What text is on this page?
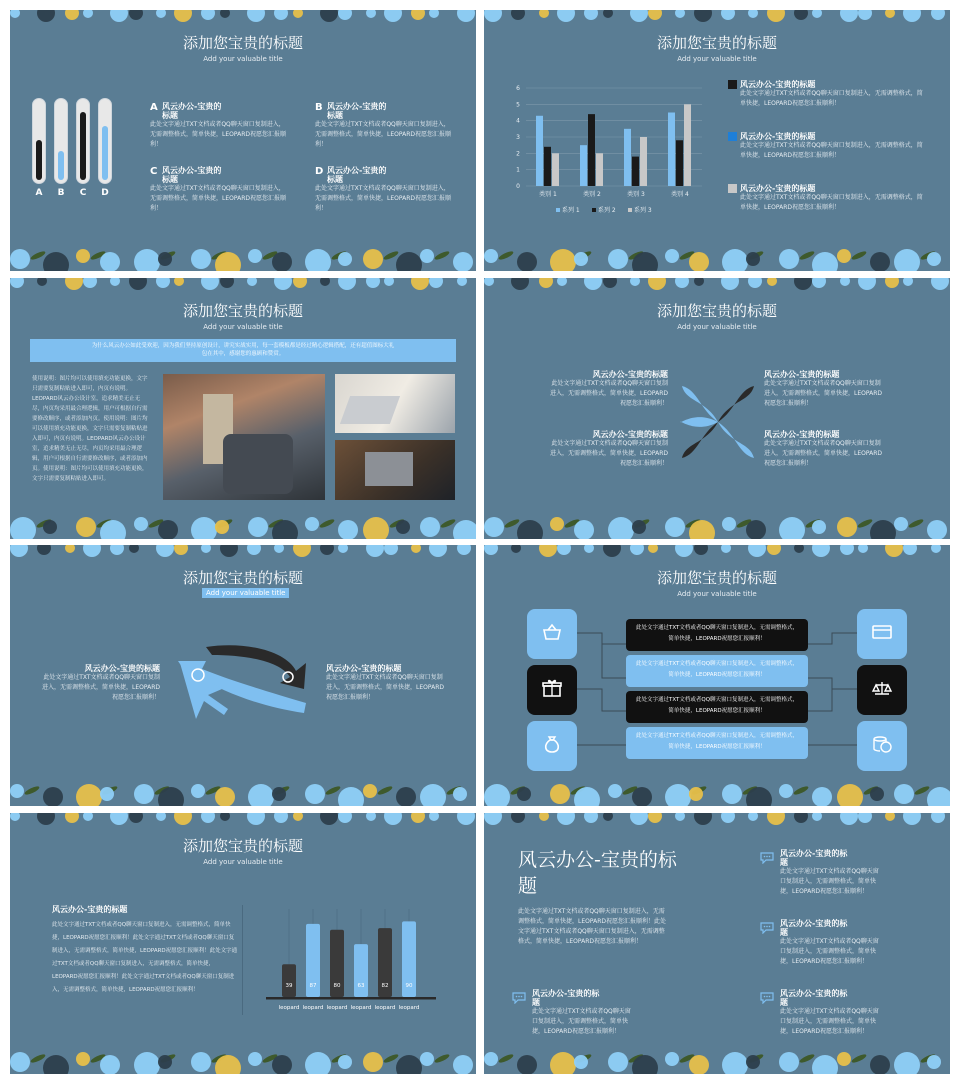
添加您宝贵的标题
Add your valuable title
A	B	C	D
A 风云办公-宝贵的标题
此处文字通过TXT文档或者QQ聊天窗口复制进入，无需调整格式，简单快捷，LEOPARD祝愿您汇报顺利！
B 风云办公-宝贵的标题
此处文字通过TXT文档或者QQ聊天窗口复制进入，无需调整格式，简单快捷，LEOPARD祝愿您汇报顺利！
C 风云办公-宝贵的标题
此处文字通过TXT文档或者QQ聊天窗口复制进入，无需调整格式，简单快捷，LEOPARD祝愿您汇报顺利！
D 风云办公-宝贵的标题
此处文字通过TXT文档或者QQ聊天窗口复制进入，无需调整格式，简单快捷，LEOPARD祝愿您汇报顺利！
添加您宝贵的标题
Add your valuable title
0
1
2
3
4
5
6
类别 1	类别 2	类别 3	类别 4
系列 1	系列 2	系列 3
风云办公-宝贵的标题
此处文字通过TXT文档或者QQ聊天窗口复制进入，无需调整格式，简单快捷，LEOPARD祝愿您汇报顺利！
风云办公-宝贵的标题
此处文字通过TXT文档或者QQ聊天窗口复制进入，无需调整格式，简单快捷，LEOPARD祝愿您汇报顺利！
风云办公-宝贵的标题
此处文字通过TXT文档或者QQ聊天窗口复制进入，无需调整格式，简单快捷，LEOPARD祝愿您汇报顺利！
添加您宝贵的标题
Add your valuable title
为什么风云办公如此受欢迎，因为我们坚持原创设计，讲究实战实用，每一套模板都是经过精心逻辑搭配，还有超值图标大礼包在其中，感谢您的惠顾和赞赏。
使用说明：图片均可以使用填充功能更换，文字只需要复制粘贴进入即可，内页有说明。LEOPARD风云办公设计室，追求精美无止无尽，内页均采用最合理逻辑，用户可根据自行需要修改顺序，或者添加内页。使用说明：图片均可以使用填充功能更换，文字只需要复制粘贴进入即可，内页有说明。LEOPARD风云办公设计室，追求精美无止无尽，内页均采用最合理逻辑，用户可根据自行需要修改顺序，或者添加内页。使用说明：图片均可以使用填充功能更换，文字只需要复制粘贴进入即可。
添加您宝贵的标题
Add your valuable title
风云办公-宝贵的标题
此处文字通过TXT文档或者QQ聊天窗口复制进入，无需调整格式，简单快捷，LEOPARD祝愿您汇报顺利！
风云办公-宝贵的标题
此处文字通过TXT文档或者QQ聊天窗口复制进入，无需调整格式，简单快捷，LEOPARD祝愿您汇报顺利！
风云办公-宝贵的标题
此处文字通过TXT文档或者QQ聊天窗口复制进入，无需调整格式，简单快捷，LEOPARD祝愿您汇报顺利！
风云办公-宝贵的标题
此处文字通过TXT文档或者QQ聊天窗口复制进入，无需调整格式，简单快捷，LEOPARD祝愿您汇报顺利！
添加您宝贵的标题
Add your valuable title
风云办公-宝贵的标题
此处文字通过TXT文档或者QQ聊天窗口复制进入，无需调整格式，简单快捷，LEOPARD祝愿您汇报顺利！
风云办公-宝贵的标题
此处文字通过TXT文档或者QQ聊天窗口复制进入，无需调整格式，简单快捷，LEOPARD祝愿您汇报顺利！
添加您宝贵的标题
Add your valuable title
此处文字通过TXT文档或者QQ聊天窗口复制进入，无需调整格式，简单快捷，LEOPARD祝愿您汇报顺利！
此处文字通过TXT文档或者QQ聊天窗口复制进入，无需调整格式，简单快捷，LEOPARD祝愿您汇报顺利！
此处文字通过TXT文档或者QQ聊天窗口复制进入，无需调整格式，简单快捷，LEOPARD祝愿您汇报顺利！
此处文字通过TXT文档或者QQ聊天窗口复制进入，无需调整格式，简单快捷，LEOPARD祝愿您汇报顺利！
添加您宝贵的标题
Add your valuable title
风云办公-宝贵的标题
此处文字通过TXT文档或者QQ聊天窗口复制进入，无需调整格式，简单快捷，LEOPARD祝愿您汇报顺利！此处文字通过TXT文档或者QQ聊天窗口复制进入，无需调整格式，简单快捷，LEOPARD祝愿您汇报顺利！此处文字通过TXT文档或者QQ聊天窗口复制进入，无需调整格式，简单快捷，LEOPARD祝愿您汇报顺利！此处文字通过TXT文档或者QQ聊天窗口复制进入，无需调整格式，简单快捷，LEOPARD祝愿您汇报顺利！
39
leopard
87
leopard
80
leopard
63
leopard
82
leopard
90
leopard
风云办公-宝贵的标题
此处文字通过TXT文档或者QQ聊天窗口复制进入，无需调整格式，简单快捷，LEOPARD祝愿您汇报顺利！此处文字通过TXT文档或者QQ聊天窗口复制进入，无需调整格式，简单快捷，LEOPARD祝愿您汇报顺利！
风云办公-宝贵的标题
此处文字通过TXT文档或者QQ聊天窗口复制进入，无需调整格式，简单快捷，LEOPARD祝愿您汇报顺利！
风云办公-宝贵的标题
此处文字通过TXT文档或者QQ聊天窗口复制进入，无需调整格式，简单快捷，LEOPARD祝愿您汇报顺利！
风云办公-宝贵的标题
此处文字通过TXT文档或者QQ聊天窗口复制进入，无需调整格式，简单快捷，LEOPARD祝愿您汇报顺利！
风云办公-宝贵的标题
此处文字通过TXT文档或者QQ聊天窗口复制进入，无需调整格式，简单快捷，LEOPARD祝愿您汇报顺利！
